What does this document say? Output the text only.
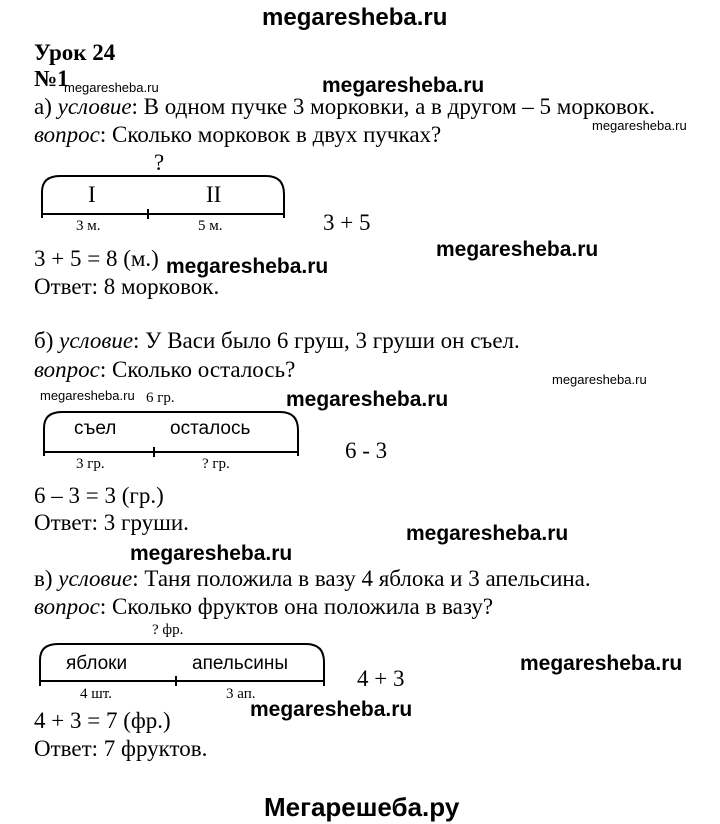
megaresheba.ru
Урок 24
№1
megaresheba.ru	megaresheba.ru
а) условие: В одном пучке 3 морковки, а в другом – 5 морковок.
megaresheba.ru
вопрос: Сколько морковок в двух пучках?
?
I	II
3 м.	5 м.	3 + 5
megaresheba.ru
3 + 5 = 8 (м.) megaresheba.ru
Ответ: 8 морковок.
б) условие: У Васи было 6 груш, 3 груши он съел.
вопрос: Сколько осталось?	megaresheba.ru
megaresheba.ru 6 гр.	megaresheba.ru
съел	осталось
6 - 3
3 гр.	? гр.
6 – 3 = 3 (гр.)
Ответ: 3 груши.	megaresheba.ru
megaresheba.ru
в) условие: Таня положила в вазу 4 яблока и 3 апельсина.
вопрос: Сколько фруктов она положила в вазу?
? фр.
яблоки	апельсины	megaresheba.ru
4 + 3
4 шт.	3 ап.
megaresheba.ru
4 + 3 = 7 (фр.)
Ответ: 7 фруктов.
Мегарешеба.ру
